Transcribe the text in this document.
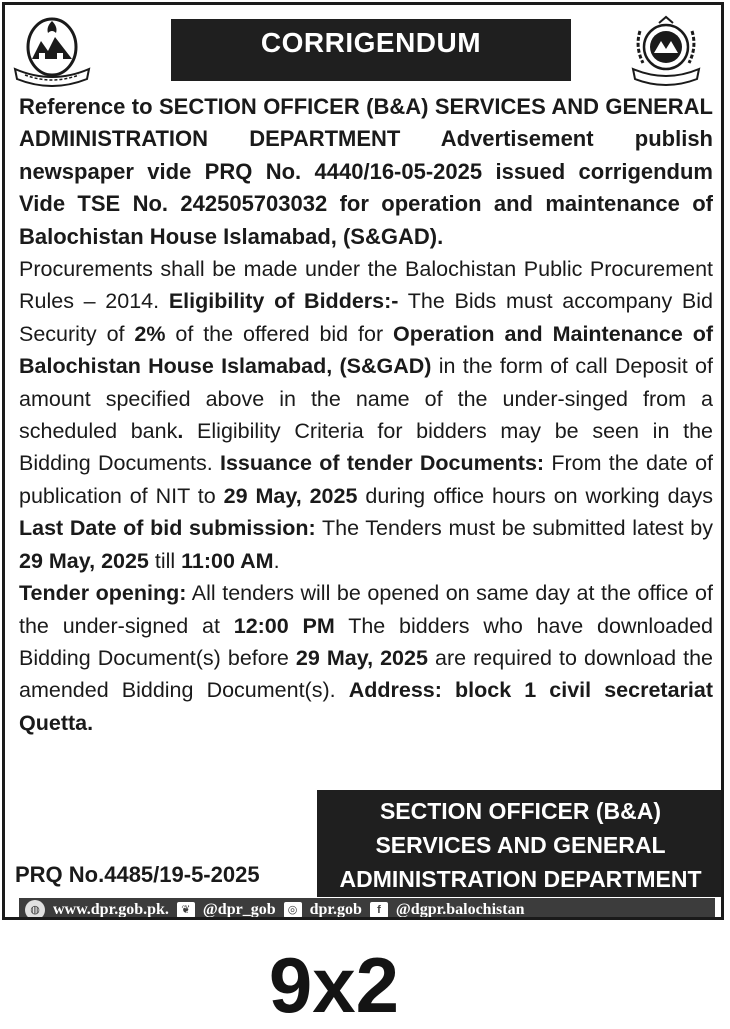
CORRIGENDUM

Reference to SECTION OFFICER (B&A) SERVICES AND GENERAL ADMINISTRATION DEPARTMENT Advertisement publish newspaper vide PRQ No. 4440/16-05-2025 issued corrigendum Vide TSE No. 242505703032 for operation and maintenance of Balochistan House Islamabad, (S&GAD).

Procurements shall be made under the Balochistan Public Procurement Rules – 2014. Eligibility of Bidders:- The Bids must accompany Bid Security of 2% of the offered bid for Operation and Maintenance of Balochistan House Islamabad, (S&GAD) in the form of call Deposit of amount specified above in the name of the under-singed from a scheduled bank. Eligibility Criteria for bidders may be seen in the Bidding Documents. Issuance of tender Documents: From the date of publication of NIT to 29 May, 2025 during office hours on working days Last Date of bid submission: The Tenders must be submitted latest by 29 May, 2025 till 11:00 AM.
Tender opening: All tenders will be opened on same day at the office of the under-signed at 12:00 PM The bidders who have downloaded Bidding Document(s) before 29 May, 2025 are required to download the amended Bidding Document(s). Address: block 1 civil secretariat Quetta.

SECTION OFFICER (B&A)
SERVICES AND GENERAL
ADMINISTRATION DEPARTMENT
PRQ No.4485/19-5-2025
◍ www.dpr.gob.pk.	❦ @dpr_gob	◎ dpr.gob	f @dgpr.balochistan
9x2
